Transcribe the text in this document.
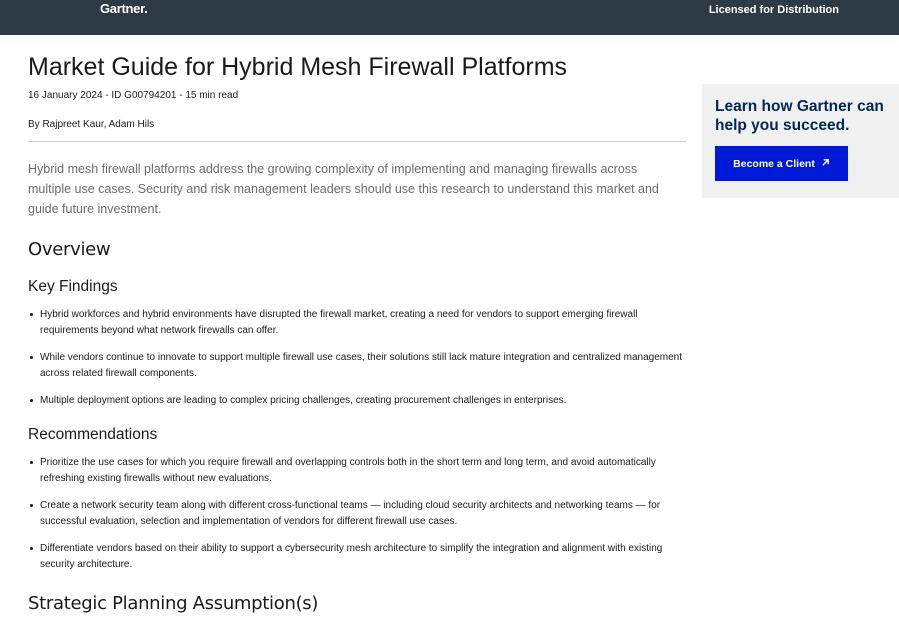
Gartner.	Licensed for Distribution
Market Guide for Hybrid Mesh Firewall Platforms
16 January 2024 - ID G00794201 - 15 min read
By Rajpreet Kaur, Adam Hils
Hybrid mesh firewall platforms address the growing complexity of implementing and managing firewalls across multiple use cases. Security and risk management leaders should use this research to understand this market and guide future investment.
Overview
Key Findings
Hybrid workforces and hybrid environments have disrupted the firewall market, creating a need for vendors to support emerging firewall requirements beyond what network firewalls can offer.
While vendors continue to innovate to support multiple firewall use cases, their solutions still lack mature integration and centralized management across related firewall components.
Multiple deployment options are leading to complex pricing challenges, creating procurement challenges in enterprises.
Recommendations
Prioritize the use cases for which you require firewall and overlapping controls both in the short term and long term, and avoid automatically refreshing existing firewalls without new evaluations.
Create a network security team along with different cross-functional teams — including cloud security architects and networking teams — for successful evaluation, selection and implementation of vendors for different firewall use cases.
Differentiate vendors based on their ability to support a cybersecurity mesh architecture to simplify the integration and alignment with existing security architecture.
Strategic Planning Assumption(s)
Learn how Gartner can help you succeed.
Become a Client
